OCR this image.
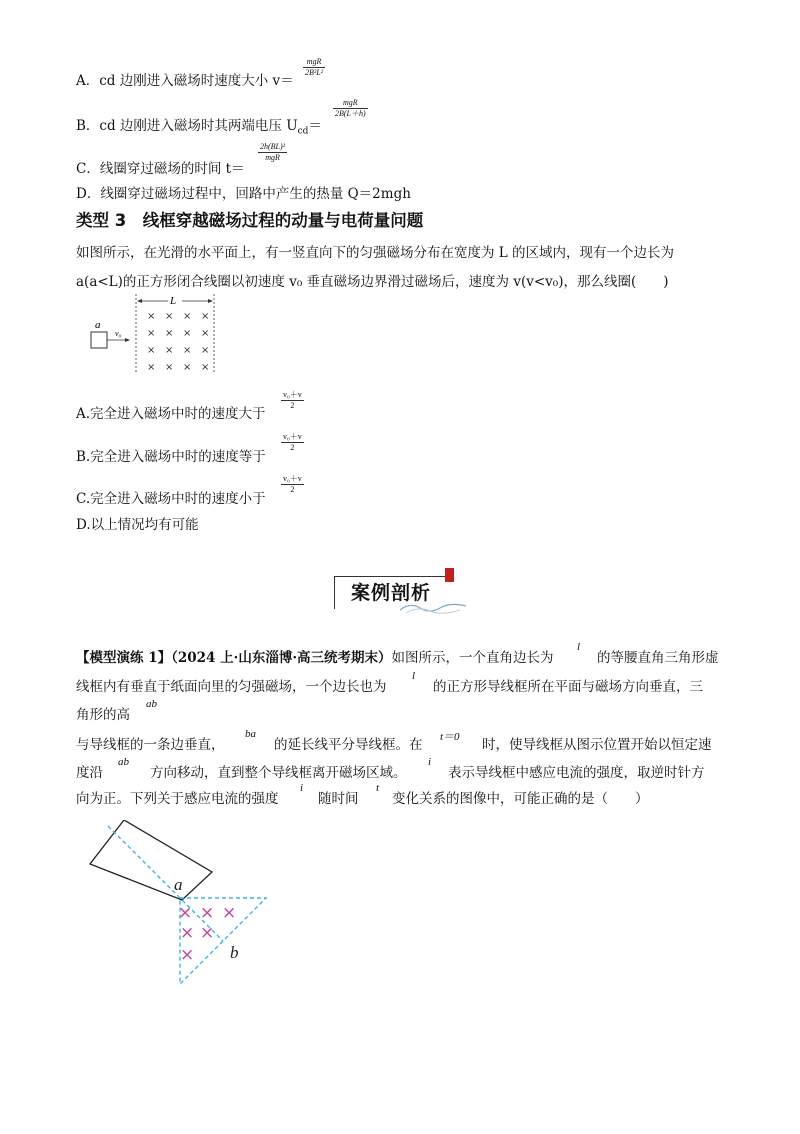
A．cd 边刚进入磁场时速度大小 v＝
mgR
2B²L²
B．cd 边刚进入磁场时其两端电压 $U_{cd}=$
mgR
2B(L＋h)
C．线圈穿过磁场的时间 t＝
2h(BL)²
mgR
D．线圈穿过磁场过程中，回路中产生的热量 Q＝2mgh
类型 3　线框穿越磁场过程的动量与电荷量问题
如图所示，在光滑的水平面上，有一竖直向下的匀强磁场分布在宽度为 L 的区域内，现有一个边长为
a(a<L)的正方形闭合线圈以初速度 v₀ 垂直磁场边界滑过磁场后，速度为 v(v<v₀)，那么线圈(　　)
L
× × × ×
× × × ×
× × × ×
× × × ×
a
v₀
A.完全进入磁场中时的速度大于
$\frac{\text{v₀＋v}}{2}$
B.完全进入磁场中时的速度等于
$\frac{\text{v₀＋v}}{2}$
C.完全进入磁场中时的速度小于
$\frac{\text{v₀＋v}}{2}$
D.以上情况均有可能
案例剖析
【模型演练 1】（2024 上·山东淄博·高三统考期末）如图所示，一个直角边长为
l
的等腰直角三角形虚
线框内有垂直于纸面向里的匀强磁场，一个边长也为
l
的正方形导线框所在平面与磁场方向垂直，三
角形的高
ab
与导线框的一条边垂直，
ba
的延长线平分导线框。在 t＝0 时，使导线框从图示位置开始以恒定速
度沿
ab
方向移动，直到整个导线框离开磁场区域。
i
表示导线框中感应电流的强度，取逆时针方
向为正。下列关于感应电流的强度
i
随时间
t
变化关系的图像中，可能正确的是（　　）
× × ×
× ×
×
a
b
